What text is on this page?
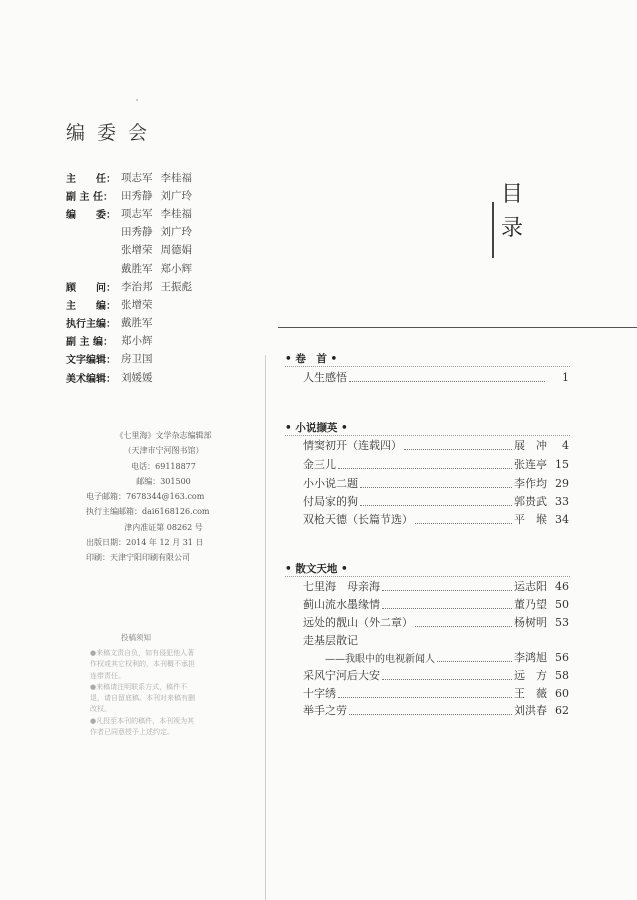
编委会
主　　任： 项志军 李桂福
副 主 任： 田秀静 刘广玲
编　　委： 项志军 李桂福
田秀静 刘广玲
张增荣 周德娟
戴胜军 郑小辉
顾　　问： 李治邦 王振彪
主　　编： 张增荣
执行主编： 戴胜军
副 主 编： 郑小辉
文字编辑： 房卫国
美术编辑： 刘媛媛
《七里海》文学杂志编辑部
（天津市宁河图书馆）
电话：69118877
邮编：301500
电子邮箱：7678344@163.com
执行主编邮箱：dai6168126.com
津内准证第 08262 号
出版日期：2014 年 12 月 31 日
印刷：天津宁阳印刷有限公司
投稿须知

●来稿文责自负，如有侵犯他人著作权或其它权利的，本刊概不承担连带责任。

●来稿请注明联系方式，稿件不退，请自留底稿。本刊对来稿有删改权。

●凡投至本刊的稿件，本刊视为其作者已同意授予上述约定。

目
录
• 卷　首 •
人生感悟	1
• 小说撷英 •
情窦初开（连载四）	展　冲	4
金三儿	张连亭 15
小小说二题	李作均 29
付局家的狗	郭贵武 33
双枪天德（长篇节选）	平　堠 34
• 散文天地 •
七里海　母亲海	运志阳 46
蓟山流水墨缘情	董乃望 50
远处的靓山（外二章）	杨树明 53
走基层散记
——我眼中的电视新闻人	李鸿旭 56
采风宁河后大安	远　方 58
十字绣	王　薇 60
举手之劳	刘洪春 62
